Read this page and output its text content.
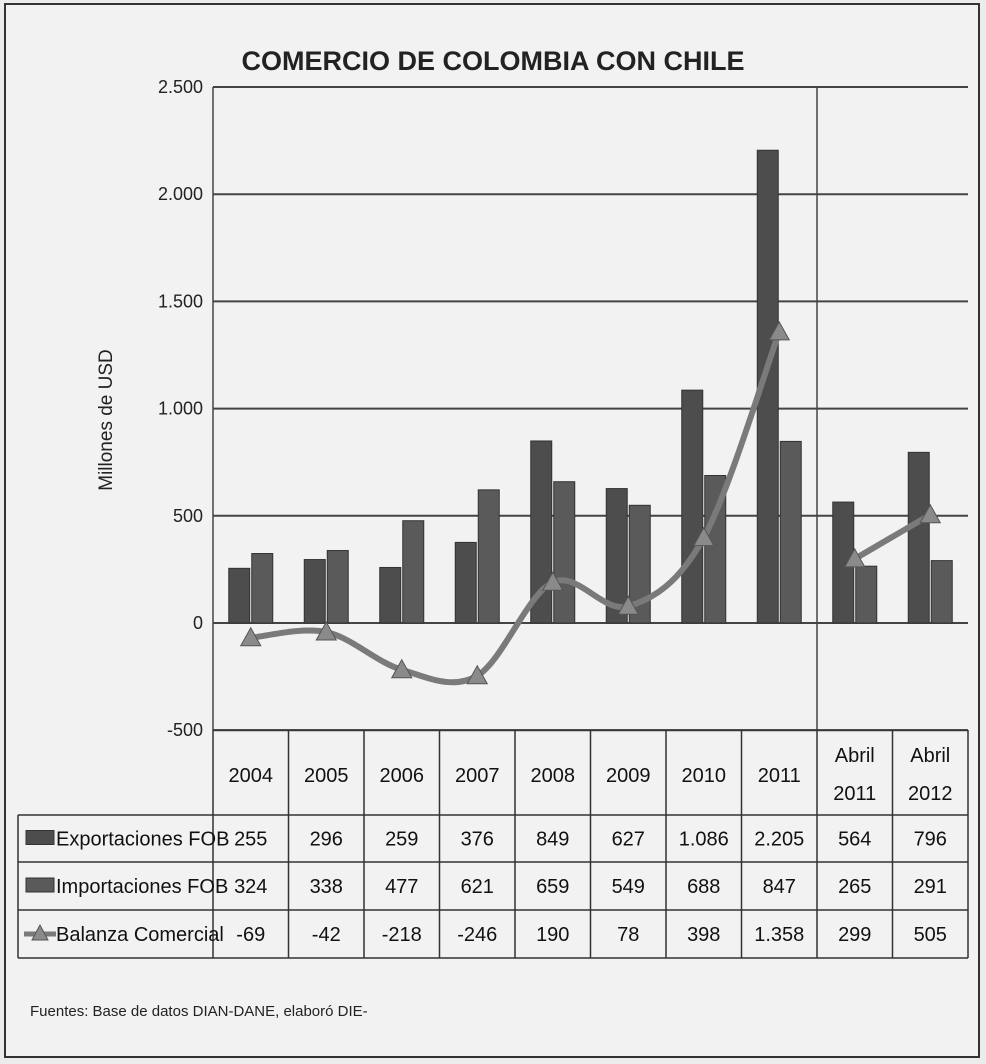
COMERCIO DE COLOMBIA CON CHILE
Millones de USD
-500
0
500
1.000
1.500
2.000
2.500
2004 2005 2006 2007 2008 2009 2010 2011
Abril
2011
Abril
2012
Exportaciones FOB 255 296 259 376 849 627 1.086 2.205 564 796
Importaciones FOB 324 338 477 621 659 549 688 847 265 291
Balanza Comercial -69 -42 -218 -246 190 78 398 1.358 299 505
Fuentes: Base de datos DIAN-DANE, elaboró DIE-
